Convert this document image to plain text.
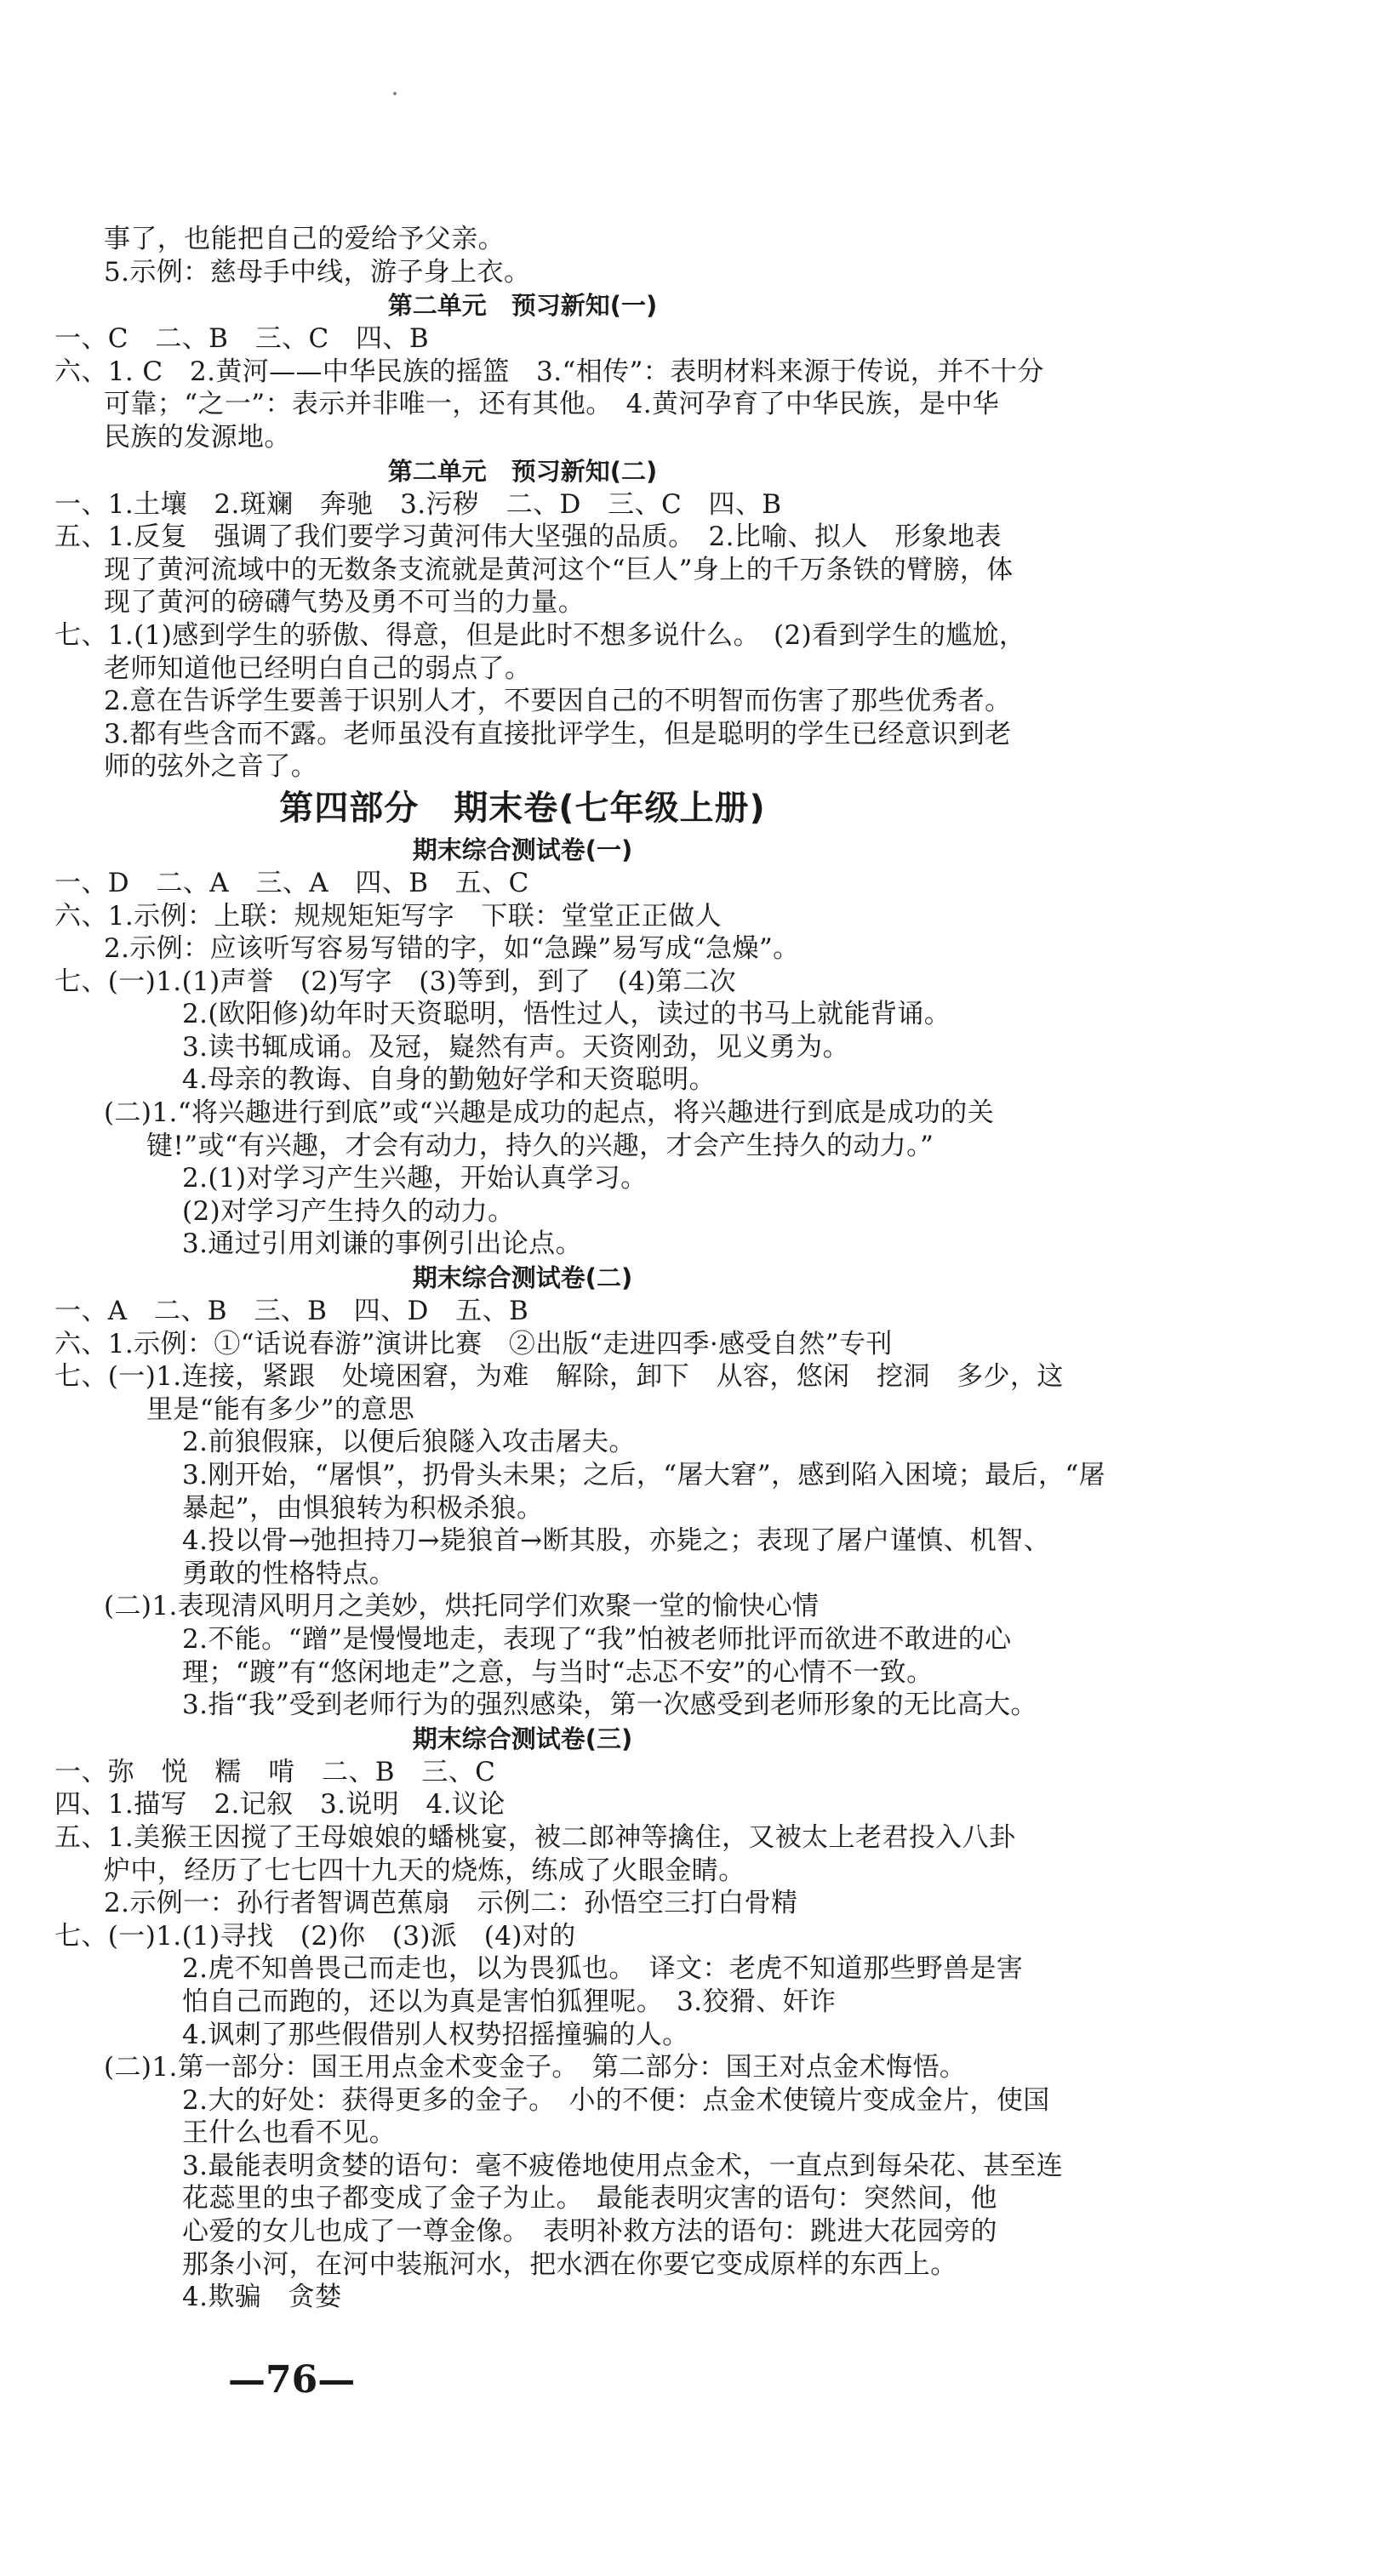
事了，也能把自己的爱给予父亲。
5.示例：慈母手中线，游子身上衣。
第二单元　预习新知(一)
一、C　二、B　三、C　四、B
六、1. C　2.黄河——中华民族的摇篮　3.“相传”：表明材料来源于传说，并不十分
可靠；“之一”：表示并非唯一，还有其他。　4.黄河孕育了中华民族，是中华
民族的发源地。
第二单元　预习新知(二)
一、1.土壤　2.斑斓　奔驰　3.污秽　二、D　三、C　四、B
五、1.反复　强调了我们要学习黄河伟大坚强的品质。　2.比喻、拟人　形象地表
现了黄河流域中的无数条支流就是黄河这个“巨人”身上的千万条铁的臂膀，体
现了黄河的磅礴气势及勇不可当的力量。
七、1.(1)感到学生的骄傲、得意，但是此时不想多说什么。　(2)看到学生的尴尬，
老师知道他已经明白自己的弱点了。
2.意在告诉学生要善于识别人才，不要因自己的不明智而伤害了那些优秀者。
3.都有些含而不露。老师虽没有直接批评学生，但是聪明的学生已经意识到老
师的弦外之音了。
第四部分　期末卷(七年级上册)
期末综合测试卷(一)
一、D　二、A　三、A　四、B　五、C
六、1.示例：上联：规规矩矩写字　下联：堂堂正正做人
2.示例：应该听写容易写错的字，如“急躁”易写成“急燥”。
七、(一)1.(1)声誉　(2)写字　(3)等到，到了　(4)第二次
2.(欧阳修)幼年时天资聪明，悟性过人，读过的书马上就能背诵。
3.读书辄成诵。及冠，嶷然有声。天资刚劲，见义勇为。
4.母亲的教诲、自身的勤勉好学和天资聪明。
(二)1.“将兴趣进行到底”或“兴趣是成功的起点，将兴趣进行到底是成功的关
键!”或“有兴趣，才会有动力，持久的兴趣，才会产生持久的动力。”
2.(1)对学习产生兴趣，开始认真学习。
(2)对学习产生持久的动力。
3.通过引用刘谦的事例引出论点。
期末综合测试卷(二)
一、A　二、B　三、B　四、D　五、B
六、1.示例：①“话说春游”演讲比赛　②出版“走进四季·感受自然”专刊
七、(一)1.连接，紧跟　处境困窘，为难　解除，卸下　从容，悠闲　挖洞　多少，这
里是“能有多少”的意思
2.前狼假寐，以便后狼隧入攻击屠夫。
3.刚开始，“屠惧”，扔骨头未果；之后，“屠大窘”，感到陷入困境；最后，“屠
暴起”，由惧狼转为积极杀狼。
4.投以骨→弛担持刀→毙狼首→断其股，亦毙之；表现了屠户谨慎、机智、
勇敢的性格特点。
(二)1.表现清风明月之美妙，烘托同学们欢聚一堂的愉快心情
2.不能。“蹭”是慢慢地走，表现了“我”怕被老师批评而欲进不敢进的心
理；“踱”有“悠闲地走”之意，与当时“忐忑不安”的心情不一致。
3.指“我”受到老师行为的强烈感染，第一次感受到老师形象的无比高大。
期末综合测试卷(三)
一、弥　悦　糯　啃　二、B　三、C
四、1.描写　2.记叙　3.说明　4.议论
五、1.美猴王因搅了王母娘娘的蟠桃宴，被二郎神等擒住，又被太上老君投入八卦
炉中，经历了七七四十九天的烧炼，练成了火眼金睛。
2.示例一：孙行者智调芭蕉扇　示例二：孙悟空三打白骨精
七、(一)1.(1)寻找　(2)你　(3)派　(4)对的
2.虎不知兽畏己而走也，以为畏狐也。　译文：老虎不知道那些野兽是害
怕自己而跑的，还以为真是害怕狐狸呢。　3.狡猾、奸诈
4.讽刺了那些假借别人权势招摇撞骗的人。
(二)1.第一部分：国王用点金术变金子。　第二部分：国王对点金术悔悟。
2.大的好处：获得更多的金子。　小的不便：点金术使镜片变成金片，使国
王什么也看不见。
3.最能表明贪婪的语句：毫不疲倦地使用点金术，一直点到每朵花、甚至连
花蕊里的虫子都变成了金子为止。　最能表明灾害的语句：突然间，他
心爱的女儿也成了一尊金像。　表明补救方法的语句：跳进大花园旁的
那条小河，在河中装瓶河水，把水洒在你要它变成原样的东西上。
4.欺骗　贪婪
—76—
